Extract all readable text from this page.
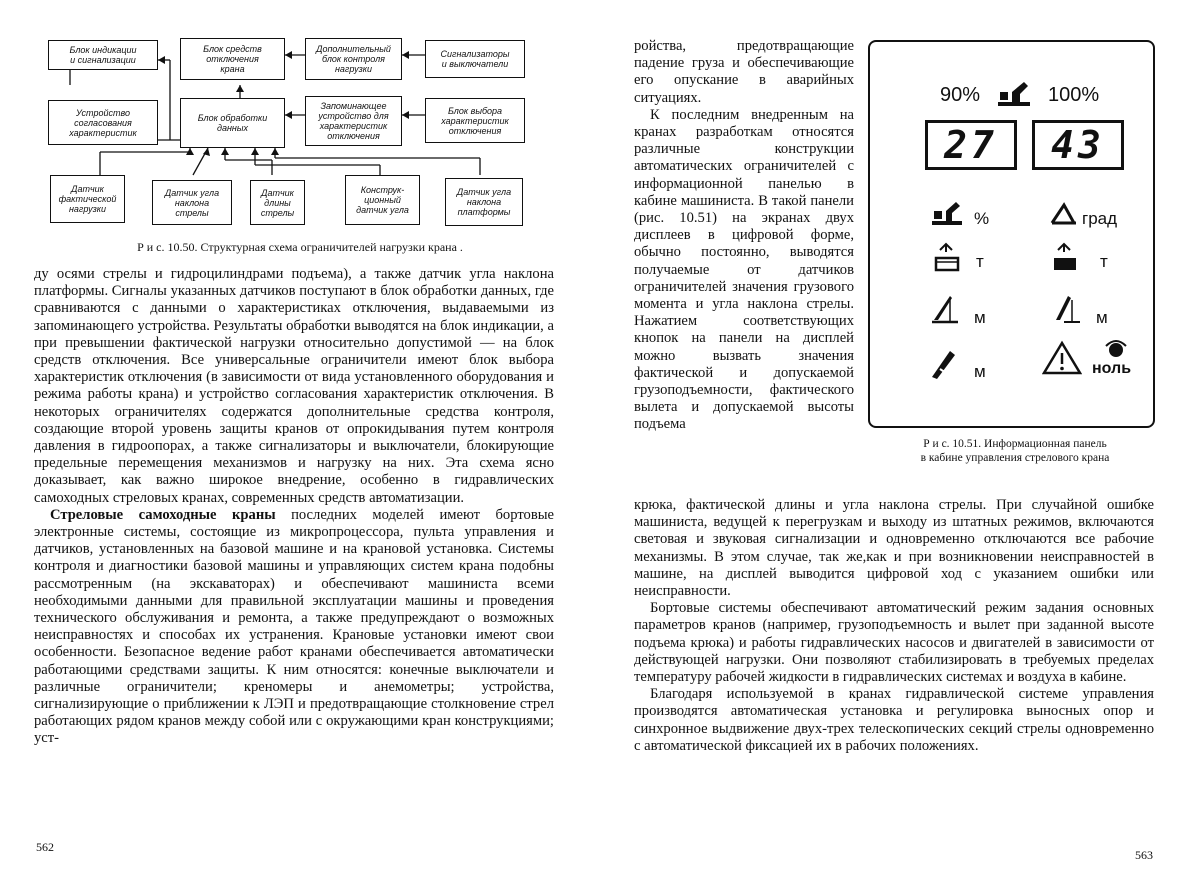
Блок индикации
и сигнализации
Блок средств
отключения
крана
Дополнительный
блок контроля
нагрузки
Сигнализаторы
и выключатели
Устройство
согласования
характеристик
Блок обработки
данных
Запоминающее
устройство для
характеристик
отключения
Блок выбора
характеристик
отключения
Датчик
фактической
нагрузки
Датчик угла
наклона
стрелы
Датчик
длины
стрелы
Конструк-
ционный
датчик угла
Датчик угла
наклона
платформы
Р и с. 10.50. Структурная схема ограничителей нагрузки крана .

ду осями стрелы и гидроцилиндрами подъема), а также датчик угла наклона платформы. Сигналы указанных датчиков поступают в блок обработки данных, где сравниваются с данными о характеристиках отключения, выдаваемыми из запоминающего устройства. Результаты обработки выводятся на блок индикации, а при превышении фактической нагрузки относительно допустимой — на блок средств отключения. Все универсальные ограничители имеют блок выбора характеристик отключения (в зависимости от вида установленного оборудования и режима работы крана) и устройство согласования характеристик отключения. В некоторых ограничителях содержатся дополнительные средства контроля, создающие второй уровень защиты кранов от опрокидывания путем контроля давления в гидроопорах, а также сигнализаторы и выключатели, блокирующие предельные перемещения механизмов и нагрузку на них. Эта схема ясно доказывает, как важно широкое внедрение, особенно в гидравлических самоходных стреловых кранах, современных средств автоматизации.

Стреловые самоходные краны последних моделей имеют бортовые электронные системы, состоящие из микропроцессора, пульта управления и датчиков, установленных на базовой машине и на крановой установка. Системы контроля и диагностики базовой машины и управляющих систем крана подобны рассмотренным (на экскаваторах) и обеспечивают машиниста всеми необходимыми данными для правильной эксплуатации машины и проведения технического обслуживания и ремонта, а также предупреждают о возможных неисправностях и способах их устранения. Крановые установки имеют свои особенности. Безопасное ведение работ кранами обеспечивается автоматически работающими средствами защиты. К ним относятся: конечные выключатели и различные ограничители; креномеры и анемометры; устройства, сигнализирующие о приближении к ЛЭП и предотвращающие столкновение стрел работающих рядом кранов между собой или с окружающими кран конструкциями; уст-

562

ройства, предотвращающие падение груза и обеспечивающие его опускание в аварийных ситуациях.

К последним внедренным на кранах разработкам относятся различные конструкции автоматических ограничителей с информационной панелью в кабине машиниста. В такой панели (рис. 10.51) на экранах двух дисплеев в цифровой форме, обычно постоянно, выводятся получаемые от датчиков ограничителей значения грузового момента и угла наклона стрелы. Нажатием соответствующих кнопок на панели на дисплей можно вызвать значения фактической и допускаемой грузоподъемности, фактического вылета и допускаемой высоты подъема

90%	100%
27	43
%	град
т	т
м	м
м	ноль
Р и с. 10.51. Информационная панель
в кабине управления стрелового крана

крюка, фактической длины и угла наклона стрелы. При случайной ошибке машиниста, ведущей к перегрузкам и выходу из штатных режимов, включаются световая и звуковая сигнализации и одновременно отключаются все рабочие механизмы. В этом случае, так же,как и при возникновении неисправностей в машине, на дисплей выводится цифровой ход с указанием ошибки или неисправности.

Бортовые системы обеспечивают автоматический режим задания основных параметров кранов (например, грузоподъемность и вылет при заданной высоте подъема крюка) и работы гидравлических насосов и двигателей в зависимости от действующей нагрузки. Они позволяют стабилизировать в требуемых пределах температуру рабочей жидкости в гидравлических системах и воздуха в кабине.

Благодаря используемой в кранах гидравлической системе управления производятся автоматическая установка и регулировка выносных опор и синхронное выдвижение двух-трех телескопических секций стрелы одновременно с автоматической фиксацией их в рабочих положениях.

563
